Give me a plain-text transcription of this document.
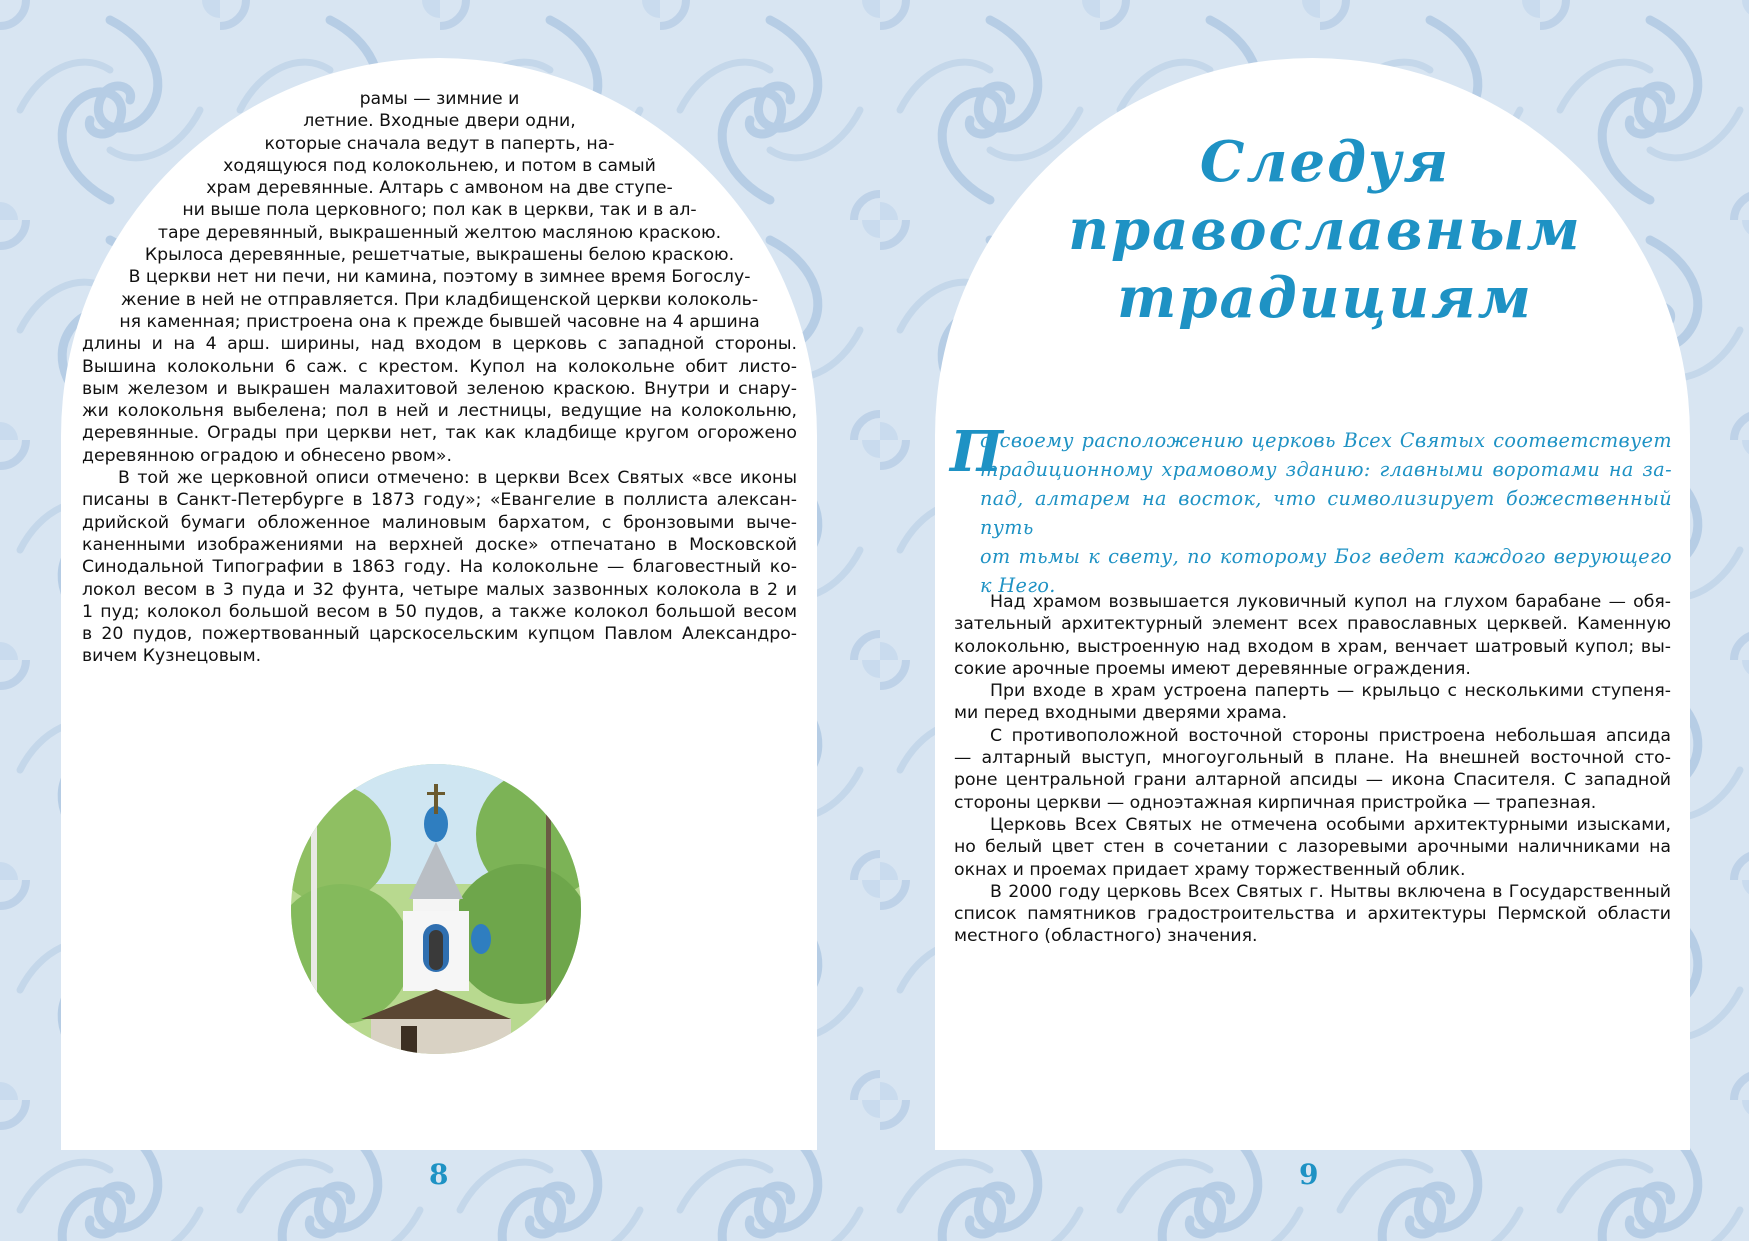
рамы — зимние и
летние. Входные двери одни,
которые сначала ведут в паперть, на-
ходящуюся под колокольнею, и потом в самый
храм деревянные. Алтарь с амвоном на две ступе-
ни выше пола церковного; пол как в церкви, так и в ал-
таре деревянный, выкрашенный желтою масляною краскою.
Крылоса деревянные, решетчатые, выкрашены белою краскою.
В церкви нет ни печи, ни камина, поэтому в зимнее время Богослу-
жение в ней не отправляется. При кладбищенской церкви колоколь-
ня каменная; пристроена она к прежде бывшей часовне на 4 аршина
длины и на 4 арш. ширины, над входом в церковь с западной стороны.
Вышина колокольни 6 саж. с крестом. Купол на колокольне обит листо-
вым железом и выкрашен малахитовой зеленою краскою. Внутри и снару-
жи колокольня выбелена; пол в ней и лестницы, ведущие на колокольню,
деревянные. Ограды при церкви нет, так как кладбище кругом огорожено
деревянною оградою и обнесено рвом».
В той же церковной описи отмечено: в церкви Всех Святых «все иконы
писаны в Санкт-Петербурге в 1873 году»; «Евангелие в поллиста алексан-
дрийской бумаги обложенное малиновым бархатом, с бронзовыми выче-
каненными изображениями на верхней доске» отпечатано в Московской
Синодальной Типографии в 1863 году. На колокольне — благовестный ко-
локол весом в 3 пуда и 32 фунта, четыре малых зазвонных колокола в 2 и
1 пуд; колокол большой весом в 50 пудов, а также колокол большой весом
в 20 пудов, пожертвованный царскосельским купцом Павлом Александро-
вичем Кузнецовым.
Следуя
православным
традициям
П
о своему расположению церковь Всех Святых соответствует
традиционному храмовому зданию: главными воротами на за-
пад, алтарем на восток, что символизирует божественный путь
от тьмы к свету, по которому Бог ведет каждого верующего
к Него.
Над храмом возвышается луковичный купол на глухом барабане — обя-
зательный архитектурный элемент всех православных церквей. Каменную
колокольню, выстроенную над входом в храм, венчает шатровый купол; вы-
сокие арочные проемы имеют деревянные ограждения.
При входе в храм устроена паперть — крыльцо с несколькими ступеня-
ми перед входными дверями храма.
С противоположной восточной стороны пристроена небольшая апсида
— алтарный выступ, многоугольный в плане. На внешней восточной сто-
роне центральной грани алтарной апсиды — икона Спасителя. С западной
стороны церкви — одноэтажная кирпичная пристройка — трапезная.
Церковь Всех Святых не отмечена особыми архитектурными изысками,
но белый цвет стен в сочетании с лазоревыми арочными наличниками на
окнах и проемах придает храму торжественный облик.
В 2000 году церковь Всех Святых г. Нытвы включена в Государственный
список памятников градостроительства и архитектуры Пермской области
местного (областного) значения.
8	9
